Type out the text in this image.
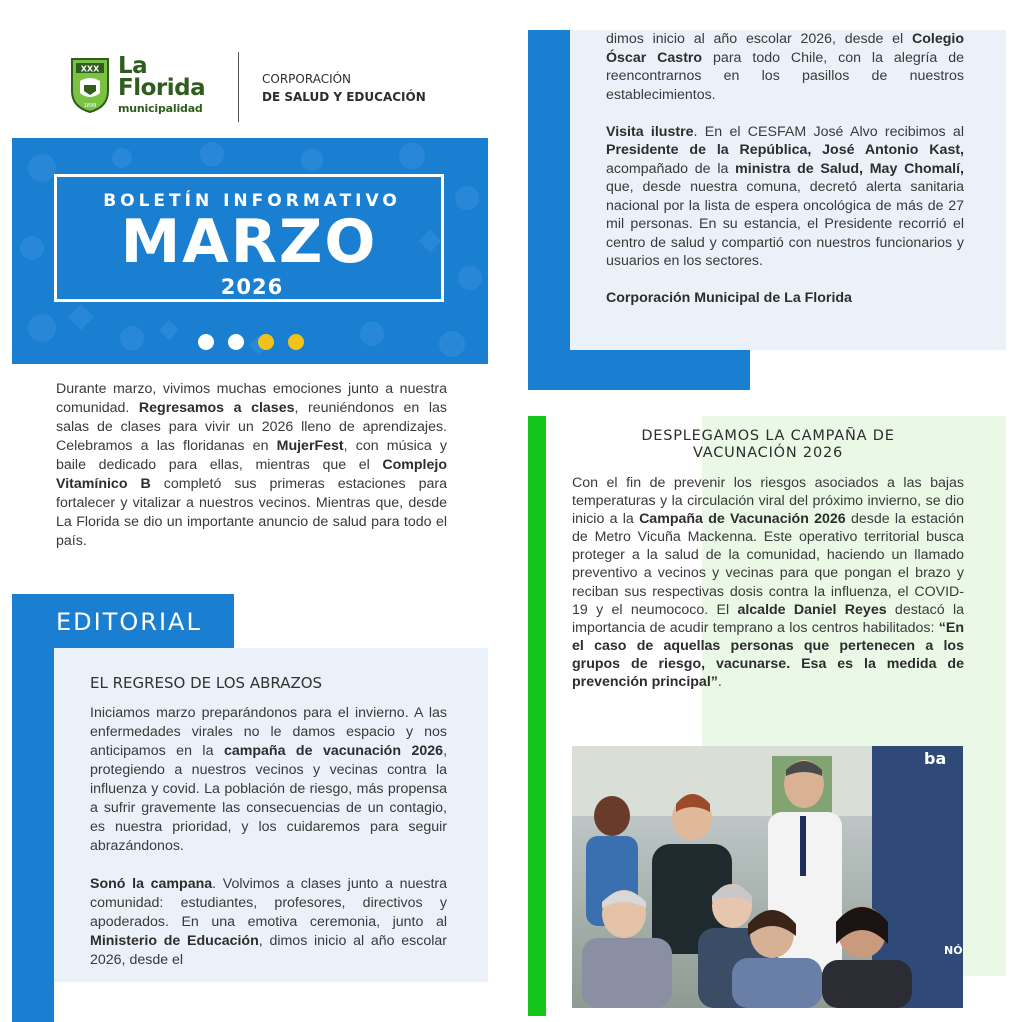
XXX
1899
La
Florida
municipalidad
CORPORACIÓN
DE SALUD Y EDUCACIÓN
BOLETÍN INFORMATIVO
MARZO
2026

Durante marzo, vivimos muchas emociones junto a nuestra comunidad. Regresamos a clases, reuniéndonos en las salas de clases para vivir un 2026 lleno de aprendizajes. Celebramos a las floridanas en MujerFest, con música y baile dedicado para ellas, mientras que el Complejo Vitamínico B completó sus primeras estaciones para fortalecer y vitalizar a nuestros vecinos. Mientras que, desde La Florida se dio un importante anuncio de salud para todo el país.

EDITORIAL
EL REGRESO DE LOS ABRAZOS

Iniciamos marzo preparándonos para el invierno. A las enfermedades virales no le damos espacio y nos anticipamos en la campaña de vacunación 2026, protegiendo a nuestros vecinos y vecinas contra la influenza y covid. La población de riesgo, más propensa a sufrir gravemente las consecuencias de un contagio, es nuestra prioridad, y los cuidaremos para seguir abrazándonos.

Sonó la campana. Volvimos a clases junto a nuestra comunidad: estudiantes, profesores, directivos y apoderados. En una emotiva ceremonia, junto al Ministerio de Educación, dimos inicio al año escolar 2026, desde el

dimos inicio al año escolar 2026, desde el Colegio Óscar Castro para todo Chile, con la alegría de reencontrarnos en los pasillos de nuestros establecimientos.

Visita ilustre. En el CESFAM José Alvo recibimos al Presidente de la República, José Antonio Kast, acompañado de la ministra de Salud, May Chomalí, que, desde nuestra comuna, decretó alerta sanitaria nacional por la lista de espera oncológica de más de 27 mil personas. En su estancia, el Presidente recorrió el centro de salud y compartió con nuestros funcionarios y usuarios en los sectores.

Corporación Municipal de La Florida

DESPLEGAMOS LA CAMPAÑA DE
VACUNACIÓN 2026

Con el fin de prevenir los riesgos asociados a las bajas temperaturas y la circulación viral del próximo invierno, se dio inicio a la Campaña de Vacunación 2026 desde la estación de Metro Vicuña Mackenna. Este operativo territorial busca proteger a la salud de la comunidad, haciendo un llamado preventivo a vecinos y vecinas para que pongan el brazo y reciban sus respectivas dosis contra la influenza, el COVID-19 y el neumococo. El alcalde Daniel Reyes destacó la importancia de acudir temprano a los centros habilitados: “En el caso de aquellas personas que pertenecen a los grupos de riesgo, vacunarse. Esa es la medida de prevención principal”.

ba
NÓ
